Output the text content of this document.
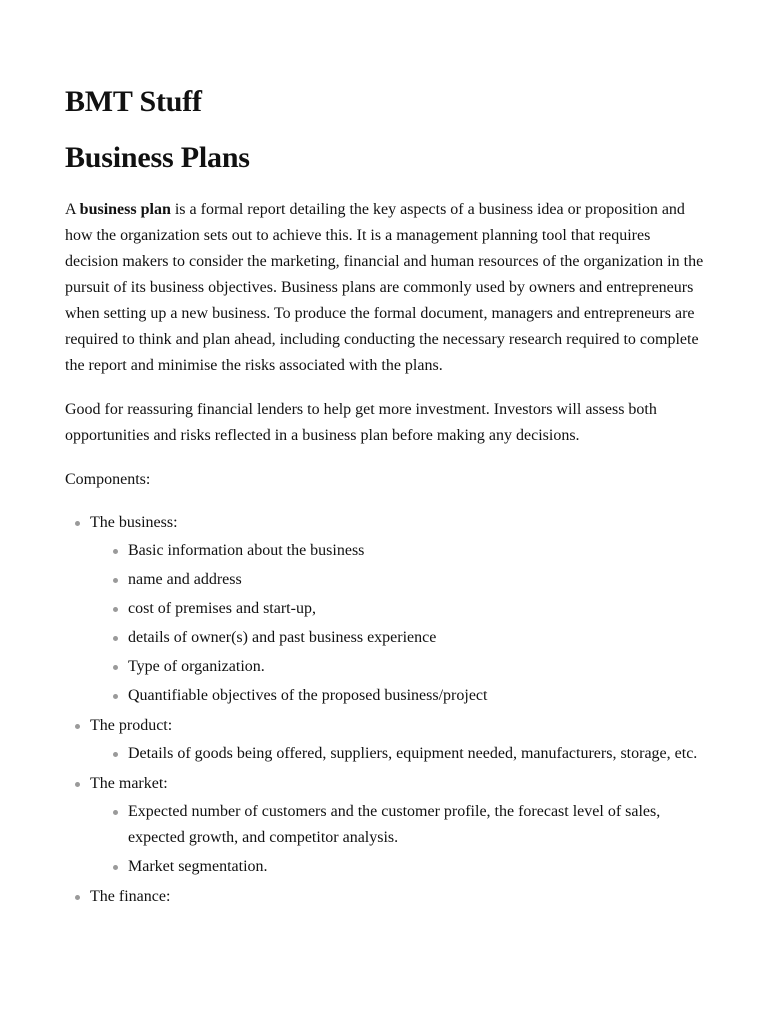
BMT Stuff
Business Plans

A business plan is a formal report detailing the key aspects of a business idea or proposition and how the organization sets out to achieve this. It is a management planning tool that requires decision makers to consider the marketing, financial and human resources of the organization in the pursuit of its business objectives. Business plans are commonly used by owners and entrepreneurs when setting up a new business. To produce the formal document, managers and entrepreneurs are required to think and plan ahead, including conducting the necessary research required to complete the report and minimise the risks associated with the plans.

Good for reassuring financial lenders to help get more investment. Investors will assess both opportunities and risks reflected in a business plan before making any decisions.

Components:

The business:
Basic information about the business
name and address
cost of premises and start-up,
details of owner(s) and past business experience
Type of organization.
Quantifiable objectives of the proposed business/project
The product:
Details of goods being offered, suppliers, equipment needed, manufacturers, storage, etc.
The market:
Expected number of customers and the customer profile, the forecast level of sales, expected growth, and competitor analysis.
Market segmentation.
The finance:
